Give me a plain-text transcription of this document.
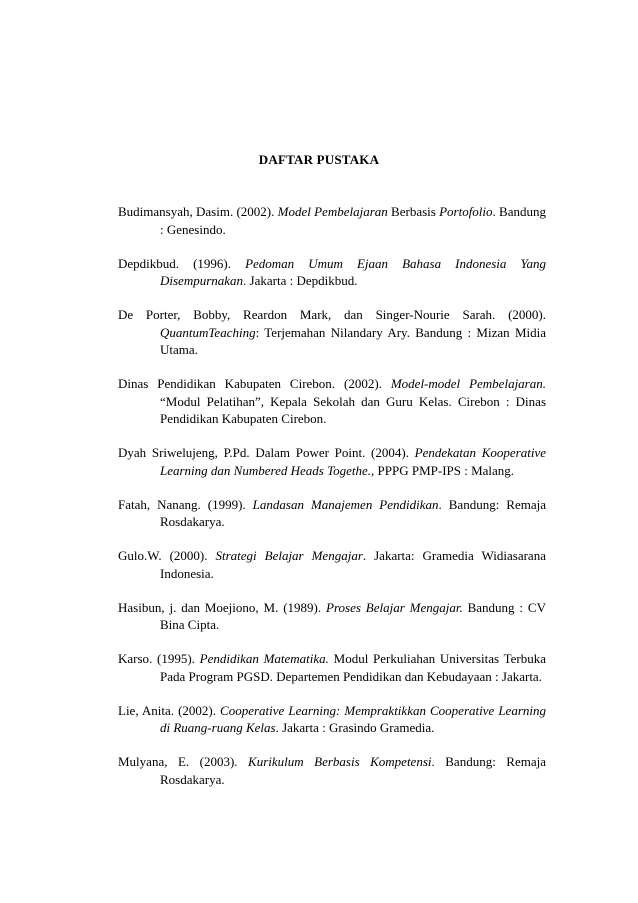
DAFTAR PUSTAKA

Budimansyah, Dasim. (2002). Model Pembelajaran Berbasis Portofolio. Bandung : Genesindo.

Depdikbud. (1996). Pedoman Umum Ejaan Bahasa Indonesia Yang Disempurnakan. Jakarta : Depdikbud.

De Porter, Bobby, Reardon Mark, dan Singer-Nourie Sarah. (2000). QuantumTeaching: Terjemahan Nilandary Ary. Bandung : Mizan Midia Utama.

Dinas Pendidikan Kabupaten Cirebon. (2002). Model-model Pembelajaran. “Modul Pelatihan”, Kepala Sekolah dan Guru Kelas. Cirebon : Dinas Pendidikan Kabupaten Cirebon.

Dyah Sriwelujeng, P.Pd. Dalam Power Point. (2004). Pendekatan Kooperative Learning dan Numbered Heads Togethe., PPPG PMP-IPS : Malang.

Fatah, Nanang. (1999). Landasan Manajemen Pendidikan. Bandung: Remaja Rosdakarya.

Gulo.W. (2000). Strategi Belajar Mengajar. Jakarta: Gramedia Widiasarana Indonesia.

Hasibun, j. dan Moejiono, M. (1989). Proses Belajar Mengajar. Bandung : CV Bina Cipta.

Karso. (1995). Pendidikan Matematika. Modul Perkuliahan Universitas Terbuka Pada Program PGSD. Departemen Pendidikan dan Kebudayaan : Jakarta.

Lie, Anita. (2002). Cooperative Learning: Mempraktikkan Cooperative Learning di Ruang-ruang Kelas. Jakarta : Grasindo Gramedia.

Mulyana, E. (2003). Kurikulum Berbasis Kompetensi. Bandung: Remaja Rosdakarya.
